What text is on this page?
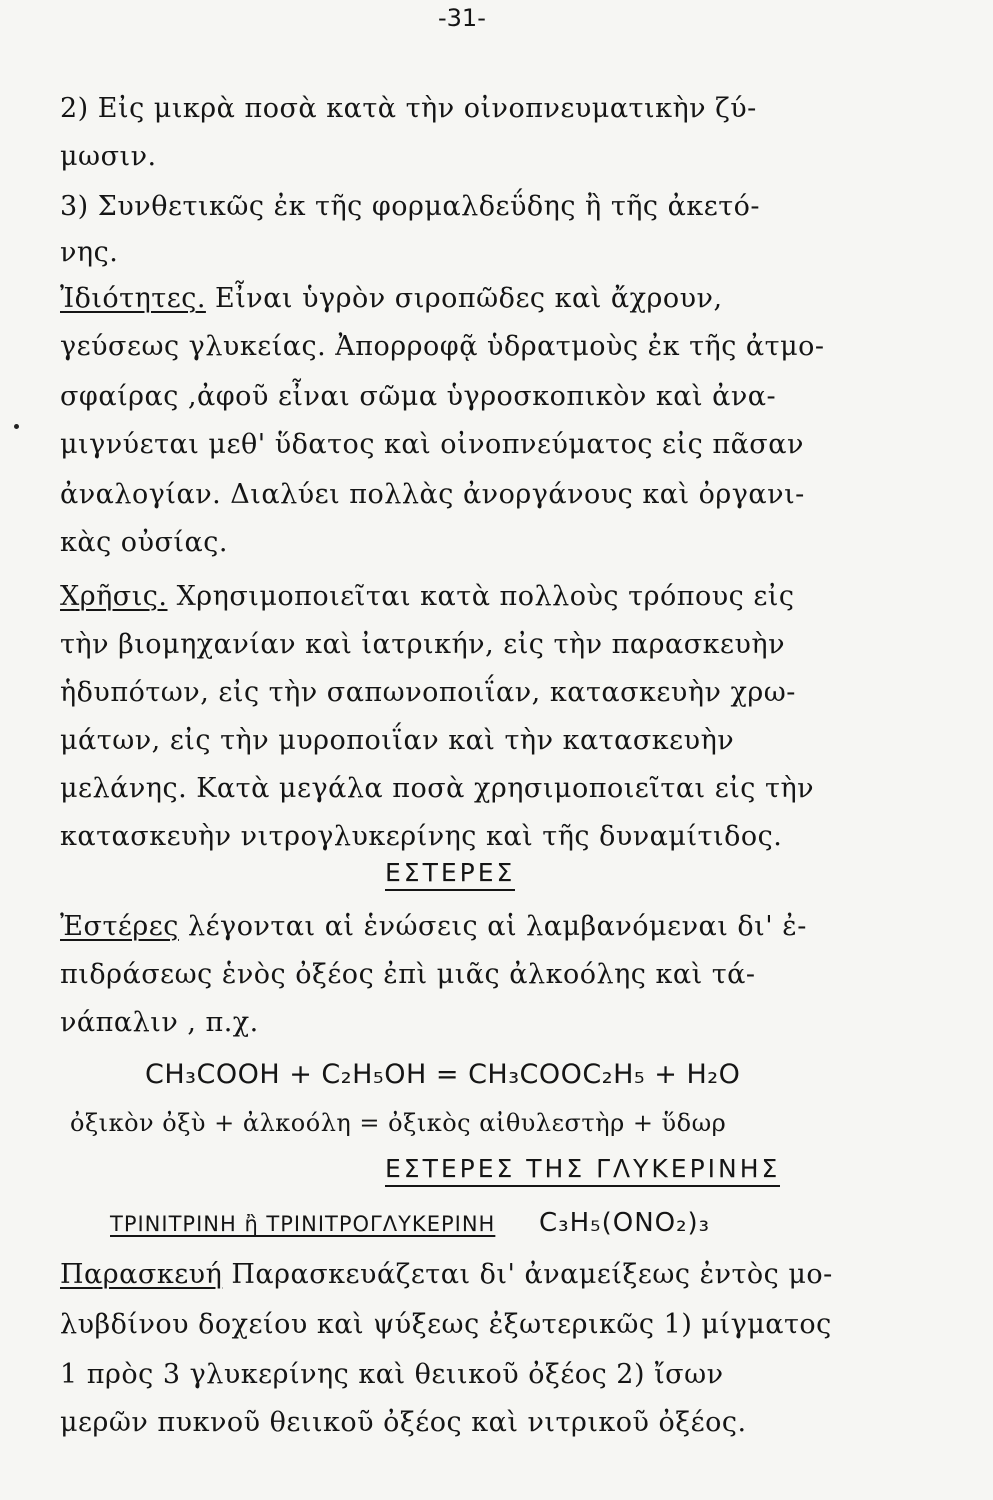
-31-
2) Εἰς μικρὰ ποσὰ κατὰ τὴν οἰνοπνευματικὴν ζύ-
μωσιν.
3) Συνθετικῶς ἐκ τῆς φορμαλδεΰδης ἢ τῆς ἀκετό-
νης.
Ἰδιότητες. Εἶναι ὑγρὸν σιροπῶδες καὶ ἄχρουν,
γεύσεως γλυκείας. Ἀπορροφᾷ ὑδρατμοὺς ἐκ τῆς ἀτμο-
σφαίρας ,ἀφοῦ εἶναι σῶμα ὑγροσκοπικὸν καὶ ἀνα-
μιγνύεται μεθ' ὕδατος καὶ οἰνοπνεύματος εἰς πᾶσαν
ἀναλογίαν. Διαλύει πολλὰς ἀνοργάνους καὶ ὀργανι-
κὰς οὐσίας.
Χρῆσις. Χρησιμοποιεῖται κατὰ πολλοὺς τρόπους εἰς
τὴν βιομηχανίαν καὶ ἰατρικήν, εἰς τὴν παρασκευὴν
ἡδυπότων, εἰς τὴν σαπωνοποιΐαν, κατασκευὴν χρω-
μάτων, εἰς τὴν μυροποιΐαν καὶ τὴν κατασκευὴν
μελάνης. Κατὰ μεγάλα ποσὰ χρησιμοποιεῖται εἰς τὴν
κατασκευὴν νιτρογλυκερίνης καὶ τῆς δυναμίτιδος.
ΕΣΤΕΡΕΣ
Ἐστέρες λέγονται αἱ ἑνώσεις αἱ λαμβανόμεναι δι' ἐ-
πιδράσεως ἑνὸς ὀξέος ἐπὶ μιᾶς ἀλκοόλης καὶ τά-
νάπαλιν , π.χ.
CH₃COOH + C₂H₅OH = CH₃COOC₂H₅ + H₂O
ὀξικὸν ὀξὺ + ἀλκοόλη = ὀξικὸς αἰθυλεστὴρ + ὕδωρ
ΕΣΤΕΡΕΣ ΤΗΣ ΓΛΥΚΕΡΙΝΗΣ
ΤΡΙΝΙΤΡΙΝΗ ἢ ΤΡΙΝΙΤΡΟΓΛΥΚΕΡΙΝΗ C₃H₅(ONO₂)₃
Παρασκευή Παρασκευάζεται δι' ἀναμείξεως ἐντὸς μο-
λυβδίνου δοχείου καὶ ψύξεως ἐξωτερικῶς 1) μίγματος
1 πρὸς 3 γλυκερίνης καὶ θειικοῦ ὀξέος 2) ἴσων
μερῶν πυκνοῦ θειικοῦ ὀξέος καὶ νιτρικοῦ ὀξέος.
